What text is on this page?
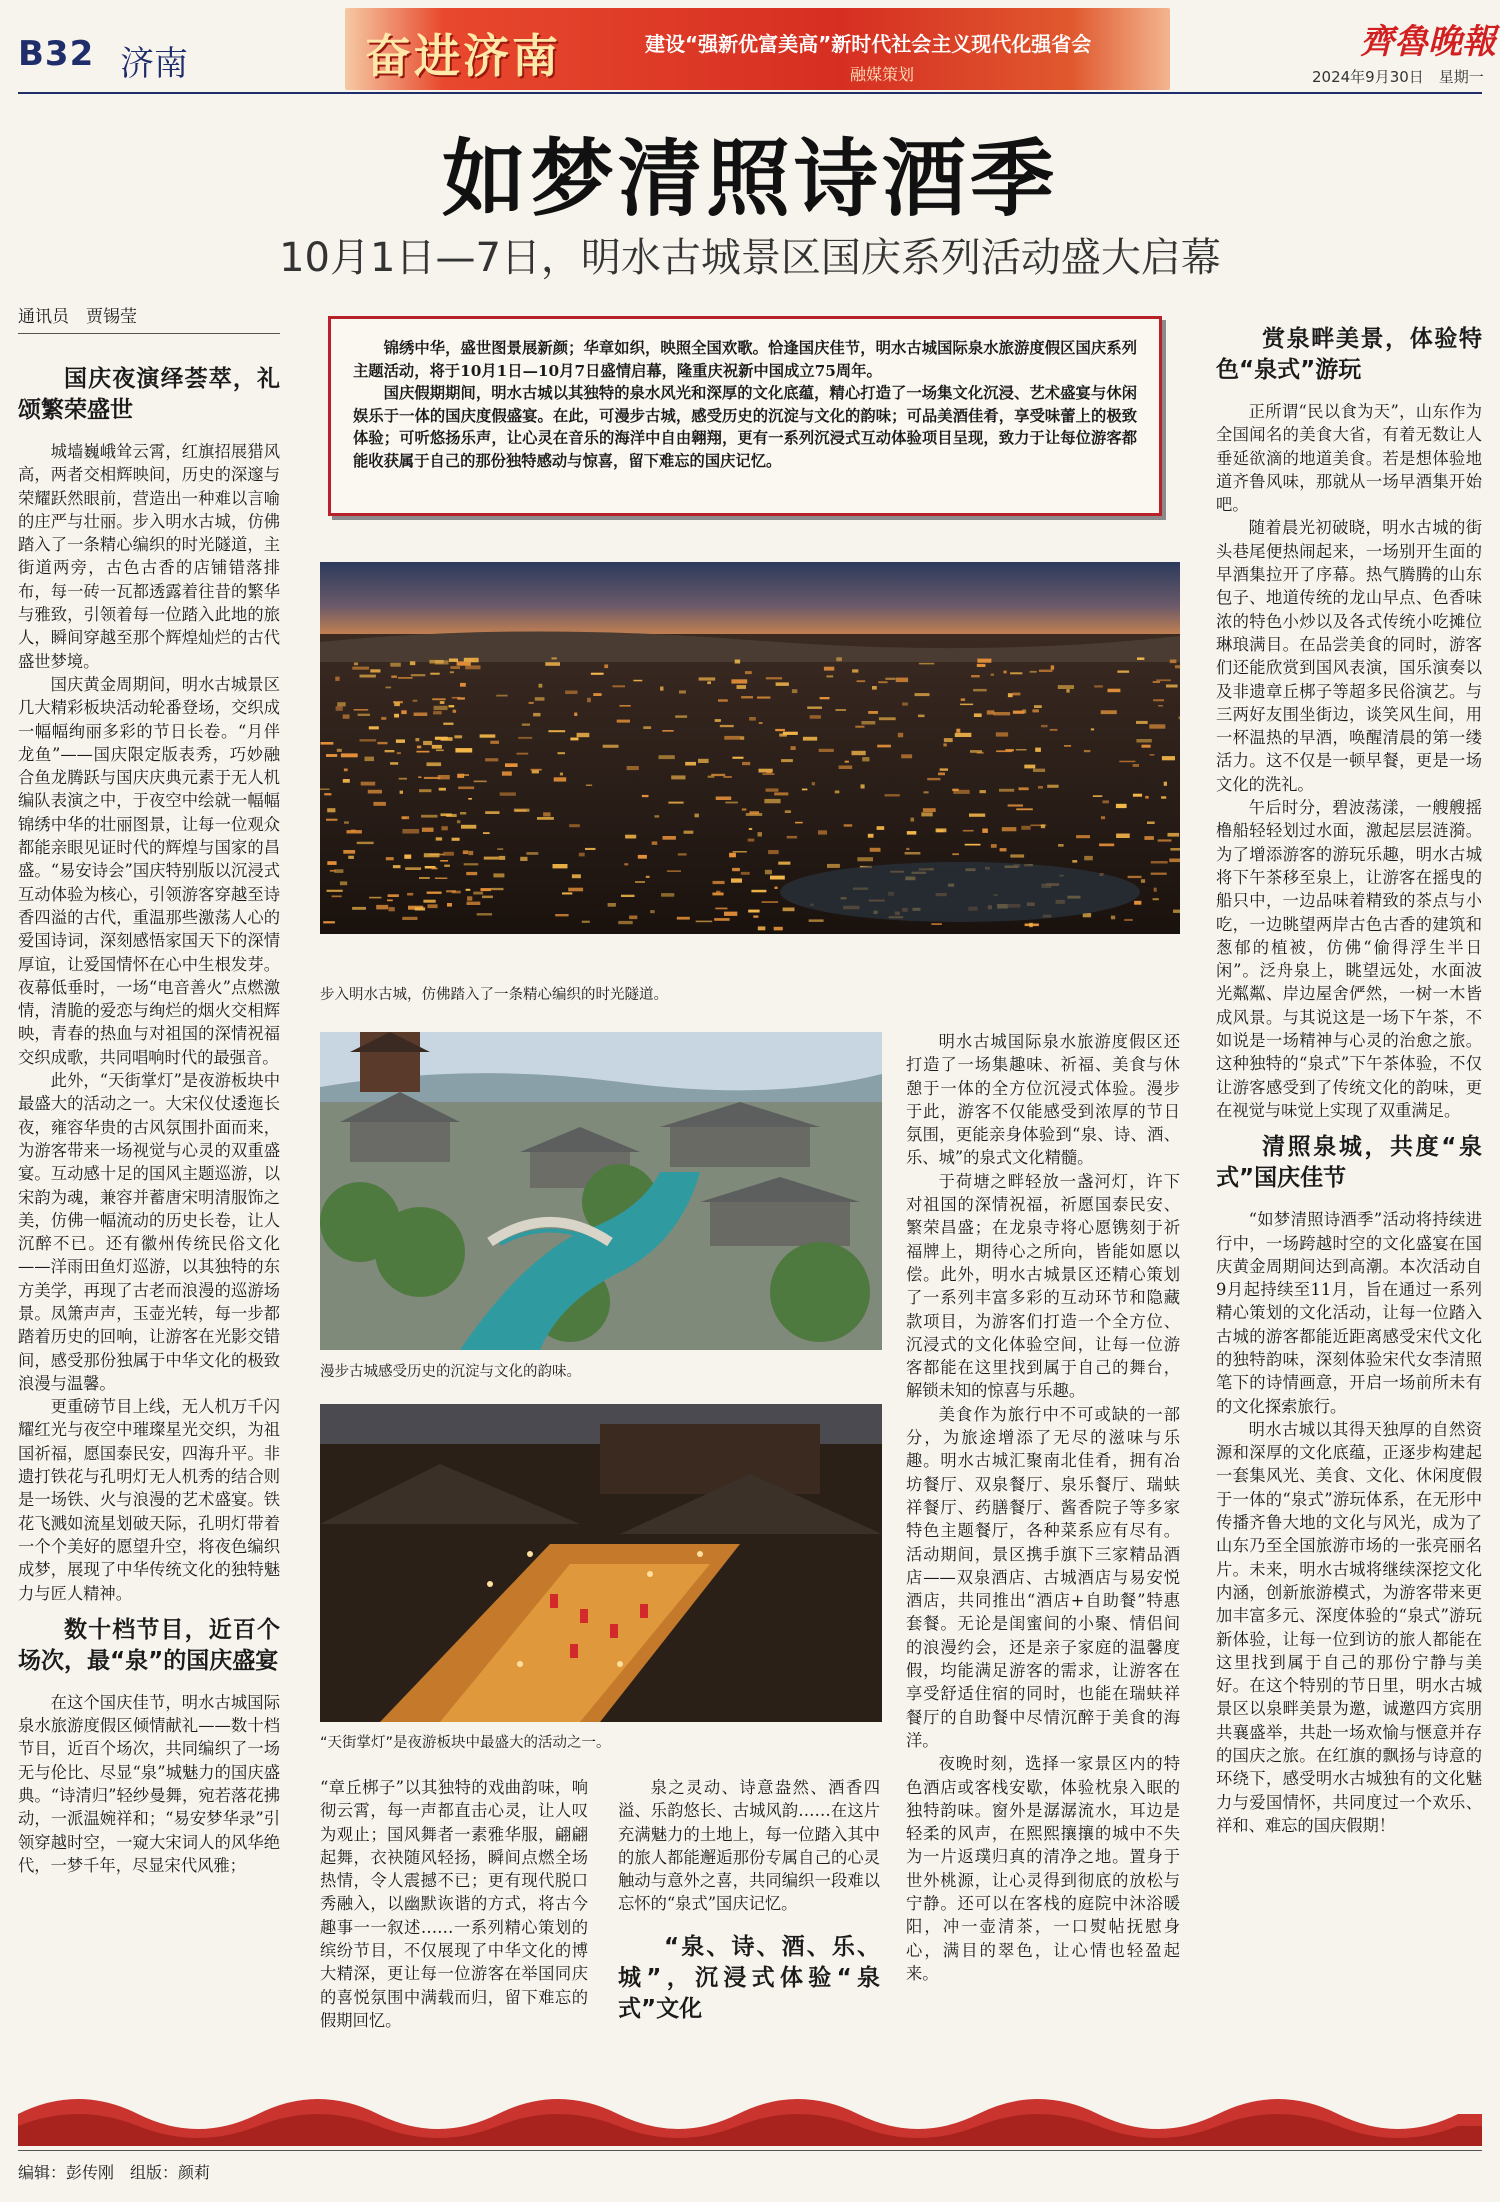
B32 济南	奋进济南	建设“强新优富美高”新时代社会主义现代化强省会
融媒策划
齊魯晚報
2024年9月30日　星期一
如梦清照诗酒季
10月1日—7日，明水古城景区国庆系列活动盛大启幕
通讯员　贾锡莹
国庆夜演绎荟萃，礼颂繁荣盛世

城墙巍峨耸云霄，红旗招展猎风高，两者交相辉映间，历史的深邃与荣耀跃然眼前，营造出一种难以言喻的庄严与壮丽。步入明水古城，仿佛踏入了一条精心编织的时光隧道，主街道两旁，古色古香的店铺错落排布，每一砖一瓦都透露着往昔的繁华与雅致，引领着每一位踏入此地的旅人，瞬间穿越至那个辉煌灿烂的古代盛世梦境。

国庆黄金周期间，明水古城景区几大精彩板块活动轮番登场，交织成一幅幅绚丽多彩的节日长卷。“月伴龙鱼”——国庆限定版表秀，巧妙融合鱼龙腾跃与国庆庆典元素于无人机编队表演之中，于夜空中绘就一幅幅锦绣中华的壮丽图景，让每一位观众都能亲眼见证时代的辉煌与国家的昌盛。“易安诗会”国庆特别版以沉浸式互动体验为核心，引领游客穿越至诗香四溢的古代，重温那些激荡人心的爱国诗词，深刻感悟家国天下的深情厚谊，让爱国情怀在心中生根发芽。夜幕低垂时，一场“电音善火”点燃激情，清脆的爱恋与绚烂的烟火交相辉映，青春的热血与对祖国的深情祝福交织成歌，共同唱响时代的最强音。

此外，“天街掌灯”是夜游板块中最盛大的活动之一。大宋仪仗逶迤长夜，雍容华贵的古风氛围扑面而来，为游客带来一场视觉与心灵的双重盛宴。互动感十足的国风主题巡游，以宋韵为魂，兼容并蓄唐宋明清服饰之美，仿佛一幅流动的历史长卷，让人沉醉不已。还有徽州传统民俗文化——洋雨田鱼灯巡游，以其独特的东方美学，再现了古老而浪漫的巡游场景。凤箫声声，玉壶光转，每一步都踏着历史的回响，让游客在光影交错间，感受那份独属于中华文化的极致浪漫与温馨。

更重磅节目上线，无人机万千闪耀红光与夜空中璀璨星光交织，为祖国祈福，愿国泰民安，四海升平。非遗打铁花与孔明灯无人机秀的结合则是一场铁、火与浪漫的艺术盛宴。铁花飞溅如流星划破天际，孔明灯带着一个个美好的愿望升空，将夜色编织成梦，展现了中华传统文化的独特魅力与匠人精神。

数十档节目，近百个场次，最“泉”的国庆盛宴

在这个国庆佳节，明水古城国际泉水旅游度假区倾情献礼——数十档节目，近百个场次，共同编织了一场无与伦比、尽显“泉”城魅力的国庆盛典。“诗清归”轻纱曼舞，宛若落花拂动，一派温婉祥和；“易安梦华录”引领穿越时空，一窥大宋词人的风华绝代，一梦千年，尽显宋代风雅；

锦绣中华，盛世图景展新颜；华章如织，映照全国欢歌。恰逢国庆佳节，明水古城国际泉水旅游度假区国庆系列主题活动，将于10月1日—10月7日盛情启幕，隆重庆祝新中国成立75周年。

国庆假期期间，明水古城以其独特的泉水风光和深厚的文化底蕴，精心打造了一场集文化沉浸、艺术盛宴与休闲娱乐于一体的国庆度假盛宴。在此，可漫步古城，感受历史的沉淀与文化的韵味；可品美酒佳肴，享受味蕾上的极致体验；可听悠扬乐声，让心灵在音乐的海洋中自由翱翔，更有一系列沉浸式互动体验项目呈现，致力于让每位游客都能收获属于自己的那份独特感动与惊喜，留下难忘的国庆记忆。

步入明水古城，仿佛踏入了一条精心编织的时光隧道。
漫步古城感受历史的沉淀与文化的韵味。
“天街掌灯”是夜游板块中最盛大的活动之一。

“章丘梆子”以其独特的戏曲韵味，响彻云霄，每一声都直击心灵，让人叹为观止；国风舞者一素雅华服，翩翩起舞，衣袂随风轻扬，瞬间点燃全场热情，令人震撼不已；更有现代脱口秀融入，以幽默诙谐的方式，将古今趣事一一叙述……一系列精心策划的缤纷节目，不仅展现了中华文化的博大精深，更让每一位游客在举国同庆的喜悦氛围中满载而归，留下难忘的假期回忆。

泉之灵动、诗意盎然、酒香四溢、乐韵悠长、古城风韵……在这片充满魅力的土地上，每一位踏入其中的旅人都能邂逅那份专属自己的心灵触动与意外之喜，共同编织一段难以忘怀的“泉式”国庆记忆。

“泉、诗、酒、乐、城”，沉浸式体验“泉式”文化

明水古城国际泉水旅游度假区还打造了一场集趣味、祈福、美食与休憩于一体的全方位沉浸式体验。漫步于此，游客不仅能感受到浓厚的节日氛围，更能亲身体验到“泉、诗、酒、乐、城”的泉式文化精髓。

于荷塘之畔轻放一盏河灯，许下对祖国的深情祝福，祈愿国泰民安、繁荣昌盛；在龙泉寺将心愿镌刻于祈福牌上，期待心之所向，皆能如愿以偿。此外，明水古城景区还精心策划了一系列丰富多彩的互动环节和隐藏款项目，为游客们打造一个全方位、沉浸式的文化体验空间，让每一位游客都能在这里找到属于自己的舞台，解锁未知的惊喜与乐趣。

美食作为旅行中不可或缺的一部分，为旅途增添了无尽的滋味与乐趣。明水古城汇聚南北佳肴，拥有冶坊餐厅、双泉餐厅、泉乐餐厅、瑞蚨祥餐厅、药膳餐厅、酱香院子等多家特色主题餐厅，各种菜系应有尽有。活动期间，景区携手旗下三家精品酒店——双泉酒店、古城酒店与易安悦酒店，共同推出“酒店+自助餐”特惠套餐。无论是闺蜜间的小聚、情侣间的浪漫约会，还是亲子家庭的温馨度假，均能满足游客的需求，让游客在享受舒适住宿的同时，也能在瑞蚨祥餐厅的自助餐中尽情沉醉于美食的海洋。

夜晚时刻，选择一家景区内的特色酒店或客栈安歇，体验枕泉入眠的独特韵味。窗外是潺潺流水，耳边是轻柔的风声，在熙熙攘攘的城中不失为一片返璞归真的清净之地。置身于世外桃源，让心灵得到彻底的放松与宁静。还可以在客栈的庭院中沐浴暖阳，冲一壶清茶，一口熨帖抚慰身心，满目的翠色，让心情也轻盈起来。

赏泉畔美景，体验特色“泉式”游玩

正所谓“民以食为天”，山东作为全国闻名的美食大省，有着无数让人垂延欲滴的地道美食。若是想体验地道齐鲁风味，那就从一场早酒集开始吧。

随着晨光初破晓，明水古城的街头巷尾便热闹起来，一场别开生面的早酒集拉开了序幕。热气腾腾的山东包子、地道传统的龙山早点、色香味浓的特色小炒以及各式传统小吃摊位琳琅满目。在品尝美食的同时，游客们还能欣赏到国风表演，国乐演奏以及非遗章丘梆子等超多民俗演艺。与三两好友围坐街边，谈笑风生间，用一杯温热的早酒，唤醒清晨的第一缕活力。这不仅是一顿早餐，更是一场文化的洗礼。

午后时分，碧波荡漾，一艘艘摇橹船轻轻划过水面，激起层层涟漪。为了增添游客的游玩乐趣，明水古城将下午茶移至泉上，让游客在摇曳的船只中，一边品味着精致的茶点与小吃，一边眺望两岸古色古香的建筑和葱郁的植被，仿佛“偷得浮生半日闲”。泛舟泉上，眺望远处，水面波光粼粼、岸边屋舍俨然，一树一木皆成风景。与其说这是一场下午茶，不如说是一场精神与心灵的治愈之旅。这种独特的“泉式”下午茶体验，不仅让游客感受到了传统文化的韵味，更在视觉与味觉上实现了双重满足。

清照泉城，共度“泉式”国庆佳节

“如梦清照诗酒季”活动将持续进行中，一场跨越时空的文化盛宴在国庆黄金周期间达到高潮。本次活动自9月起持续至11月，旨在通过一系列精心策划的文化活动，让每一位踏入古城的游客都能近距离感受宋代文化的独特韵味，深刻体验宋代女李清照笔下的诗情画意，开启一场前所未有的文化探索旅行。

明水古城以其得天独厚的自然资源和深厚的文化底蕴，正逐步构建起一套集风光、美食、文化、休闲度假于一体的“泉式”游玩体系，在无形中传播齐鲁大地的文化与风光，成为了山东乃至全国旅游市场的一张亮丽名片。未来，明水古城将继续深挖文化内涵，创新旅游模式，为游客带来更加丰富多元、深度体验的“泉式”游玩新体验，让每一位到访的旅人都能在这里找到属于自己的那份宁静与美好。在这个特别的节日里，明水古城景区以泉畔美景为邀，诚邀四方宾朋共襄盛举，共赴一场欢愉与惬意并存的国庆之旅。在红旗的飘扬与诗意的环绕下，感受明水古城独有的文化魅力与爱国情怀，共同度过一个欢乐、祥和、难忘的国庆假期！

编辑：彭传刚　组版：颜莉
